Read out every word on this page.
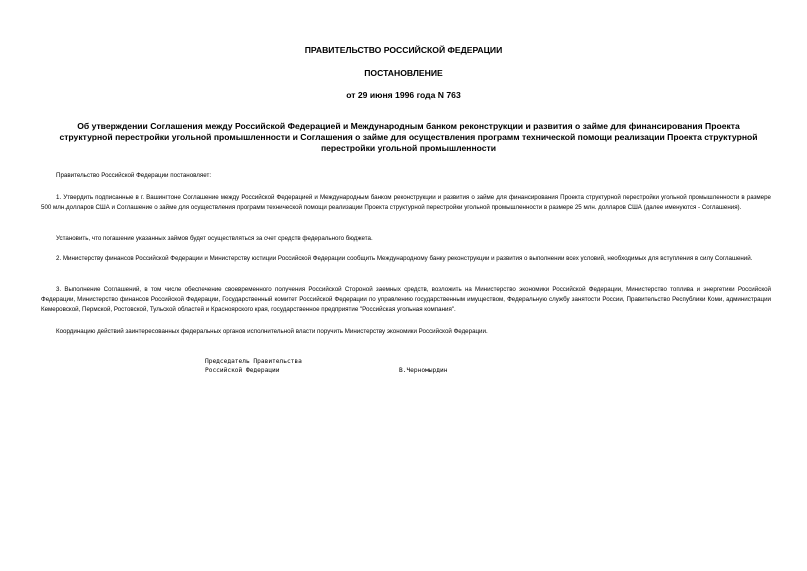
ПРАВИТЕЛЬСТВО РОССИЙСКОЙ ФЕДЕРАЦИИ
ПОСТАНОВЛЕНИЕ
от 29 июня 1996 года N 763
Об утверждении Соглашения между Российской Федерацией и Международным банком реконструкции и развития о займе для финансирования Проекта структурной перестройки угольной промышленности и Соглашения о займе для осуществления программ технической помощи реализации Проекта структурной перестройки угольной промышленности

Правительство Российской Федерации постановляет:

1. Утвердить подписанные в г. Вашингтоне Соглашение между Российской Федерацией и Международным банком реконструкции и развития о займе для финансирования Проекта структурной перестройки угольной промышленности в размере 500 млн.долларов США и Соглашение о займе для осуществления программ технической помощи реализации Проекта структурной перестройки угольной промышленности в размере 25 млн. долларов США (далее именуются - Соглашения).

Установить, что погашение указанных займов будет осуществляться за счет средств федерального бюджета.

2. Министерству финансов Российской Федерации и Министерству юстиции Российской Федерации сообщить Международному банку реконструкции и развития о выполнении всех условий, необходимых для вступления в силу Соглашений.

3. Выполнение Соглашений, в том числе обеспечение своевременного получения Российской Стороной заемных средств, возложить на Министерство экономики Российской Федерации, Министерство топлива и энергетики Российской Федерации, Министерство финансов Российской Федерации, Государственный комитет Российской Федерации по управлению государственным имуществом, Федеральную службу занятости России, Правительство Республики Коми, администрации Кемеровской, Пермской, Ростовской, Тульской областей и Красноярского края, государственное предприятие "Российская угольная компания".

Координацию действий заинтересованных федеральных органов исполнительной власти поручить Министерству экономики Российской Федерации.

Председатель Правительства
Российской Федерации	В.Черномырдин
